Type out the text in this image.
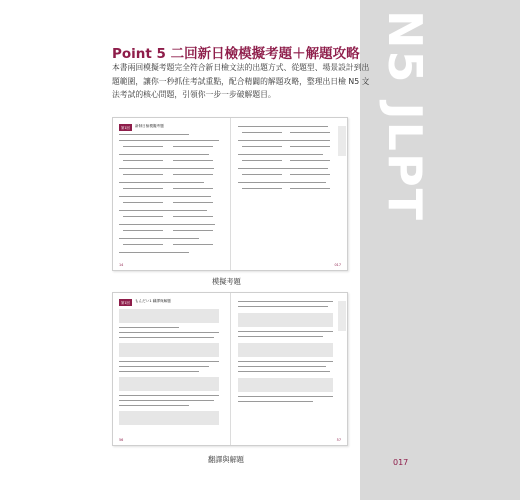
N5 JLPT
Point 5 二回新日檢模擬考題＋解題攻略
本書兩回模擬考題完全符合新日檢文法的出題方式、從題型、場景設計到出題範圍，讓你一秒抓住考試重點，配合精闢的解題攻略，整理出日檢 N5 文法考試的核心問題，引領你一步一步破解題目。
第1回	新制日檢模擬考題
14	017
模擬考題
第1回	もんだい1 翻譯與解題
56	57
翻譯與解題	017
